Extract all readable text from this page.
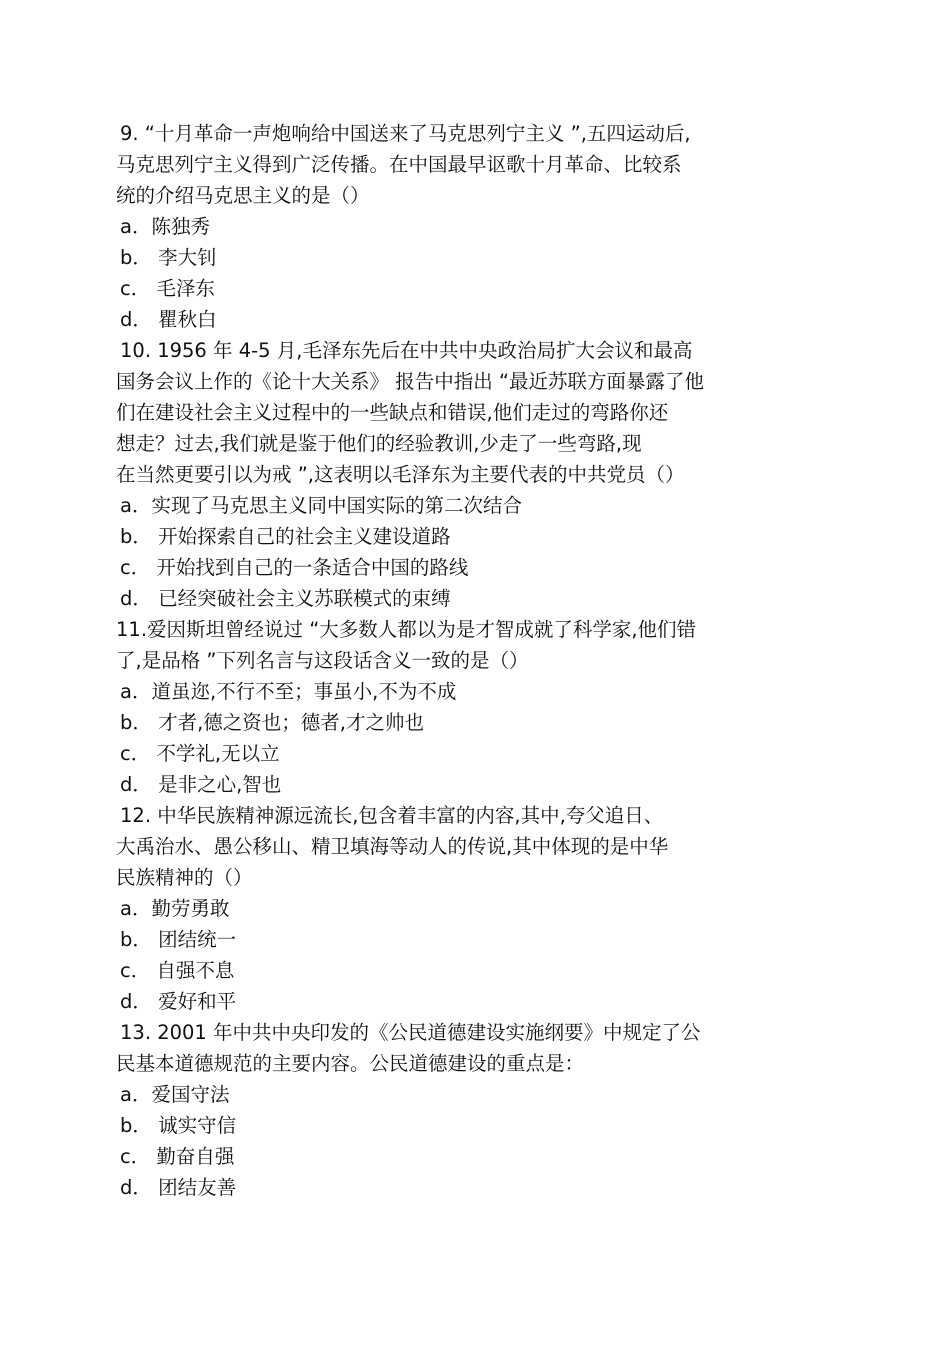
9. “十月革命一声炮响给中国送来了马克思列宁主义 ”,五四运动后,
马克思列宁主义得到广泛传播。在中国最早讴歌十月革命、比较系
统的介绍马克思主义的是（）
a．陈独秀
b． 李大钊
c． 毛泽东
d． 瞿秋白
10. 1956 年 4-5 月,毛泽东先后在中共中央政治局扩大会议和最高
国务会议上作的《论十大关系》 报告中指出 “最近苏联方面暴露了他
们在建设社会主义过程中的一些缺点和错误,他们走过的弯路你还
想走？过去,我们就是鉴于他们的经验教训,少走了一些弯路,现
在当然更要引以为戒 ”,这表明以毛泽东为主要代表的中共党员（）
a．实现了马克思主义同中国实际的第二次结合
b． 开始探索自己的社会主义建设道路
c． 开始找到自己的一条适合中国的路线
d． 已经突破社会主义苏联模式的束缚
11.爱因斯坦曾经说过 “大多数人都以为是才智成就了科学家,他们错
了,是品格 ”下列名言与这段话含义一致的是（）
a．道虽迩,不行不至；事虽小,不为不成
b． 才者,德之资也；德者,才之帅也
c． 不学礼,无以立
d． 是非之心,智也
12. 中华民族精神源远流长,包含着丰富的内容,其中,夸父追日、
大禹治水、愚公移山、精卫填海等动人的传说,其中体现的是中华
民族精神的（）
a．勤劳勇敢
b． 团结统一
c． 自强不息
d． 爱好和平
13. 2001 年中共中央印发的《公民道德建设实施纲要》中规定了公
民基本道德规范的主要内容。公民道德建设的重点是：
a．爱国守法
b． 诚实守信
c． 勤奋自强
d． 团结友善
